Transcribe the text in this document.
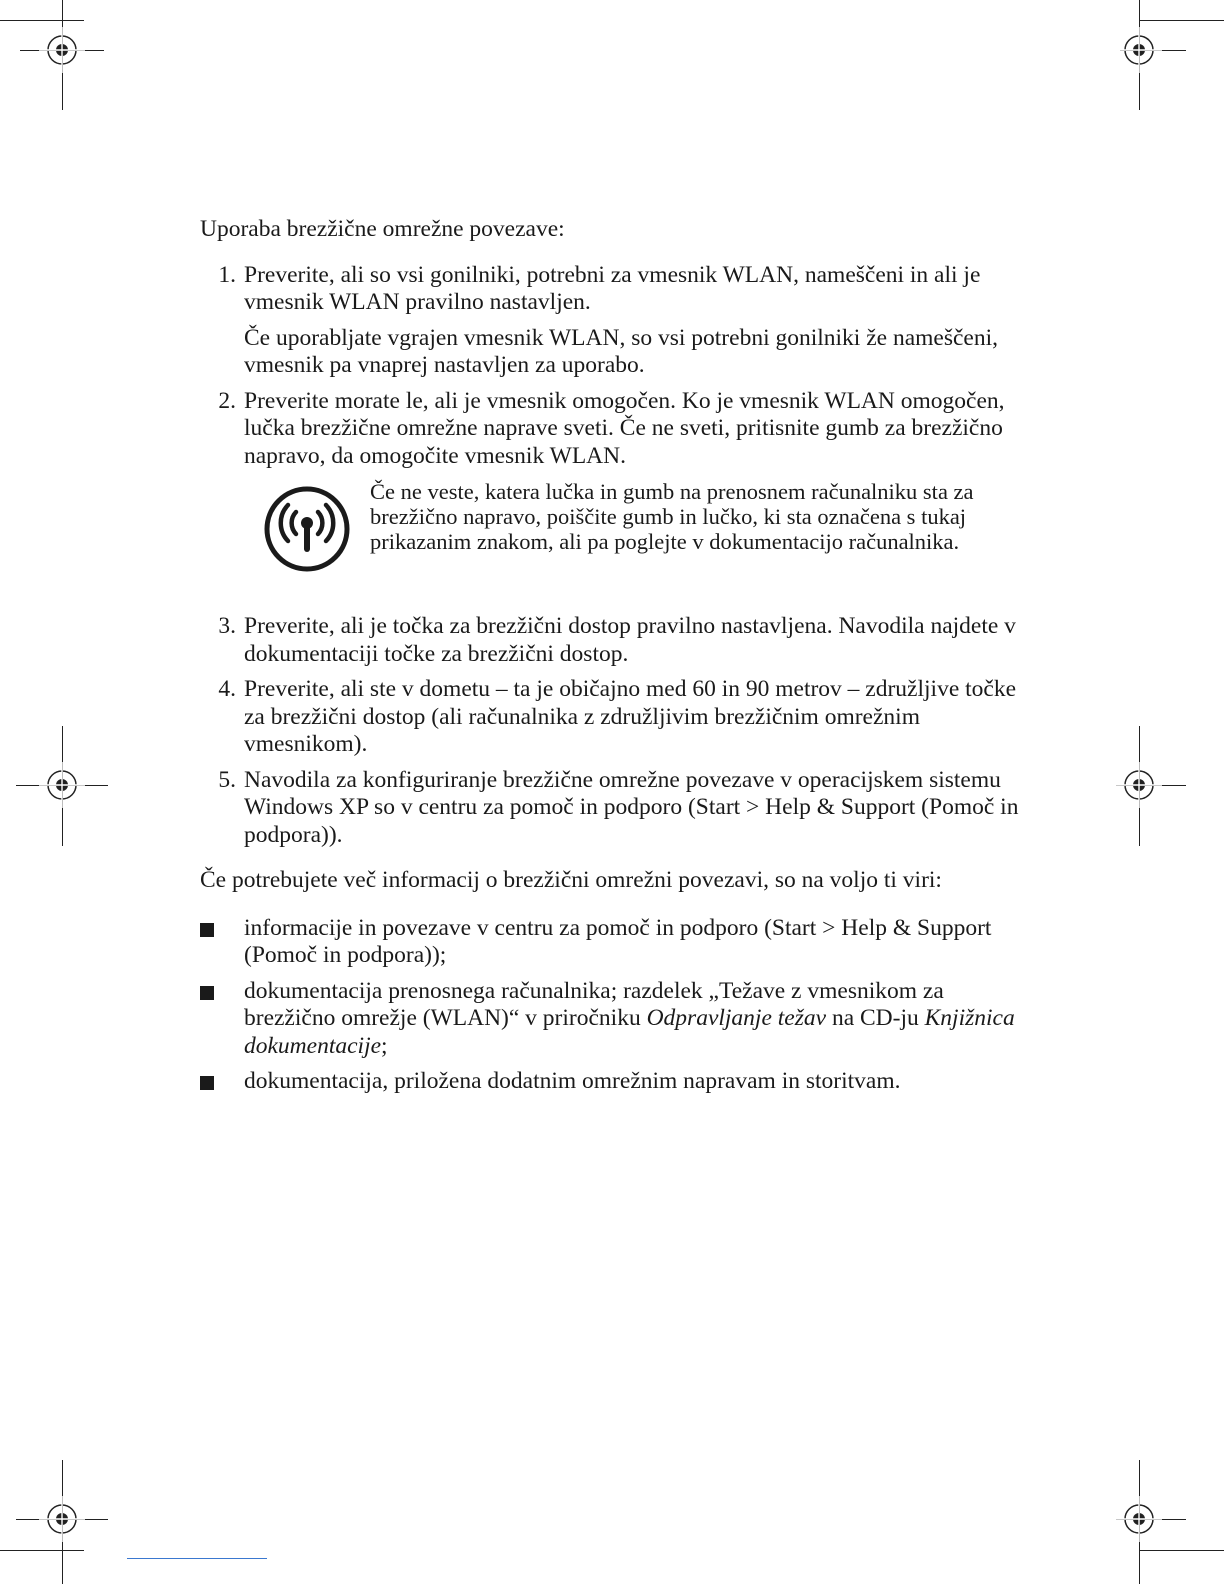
Uporaba brezžične omrežne povezave:

1. Preverite, ali so vsi gonilniki, potrebni za vmesnik WLAN, nameščeni in ali je vmesnik WLAN pravilno nastavljen.
Če uporabljate vgrajen vmesnik WLAN, so vsi potrebni gonilniki že nameščeni, vmesnik pa vnaprej nastavljen za uporabo.
2. Preverite morate le, ali je vmesnik omogočen. Ko je vmesnik WLAN omogočen, lučka brezžične omrežne naprave sveti. Če ne sveti, pritisnite gumb za brezžično napravo, da omogočite vmesnik WLAN.
Če ne veste, katera lučka in gumb na prenosnem računalniku sta za brezžično napravo, poiščite gumb in lučko, ki sta označena s tukaj prikazanim znakom, ali pa poglejte v dokumentacijo računalnika.
3. Preverite, ali je točka za brezžični dostop pravilno nastavljena. Navodila najdete v dokumentaciji točke za brezžični dostop.
4. Preverite, ali ste v dometu – ta je običajno med 60 in 90 metrov – združljive točke za brezžični dostop (ali računalnika z združljivim brezžičnim omrežnim vmesnikom).
5. Navodila za konfiguriranje brezžične omrežne povezave v operacijskem sistemu Windows XP so v centru za pomoč in podporo (Start > Help & Support (Pomoč in podpora)).

Če potrebujete več informacij o brezžični omrežni povezavi, so na voljo ti viri:

informacije in povezave v centru za pomoč in podporo (Start > Help & Support (Pomoč in podpora));
dokumentacija prenosnega računalnika; razdelek „Težave z vmesnikom za brezžično omrežje (WLAN)“ v priročniku Odpravljanje težav na CD-ju Knjižnica dokumentacije;
dokumentacija, priložena dodatnim omrežnim napravam in storitvam.
